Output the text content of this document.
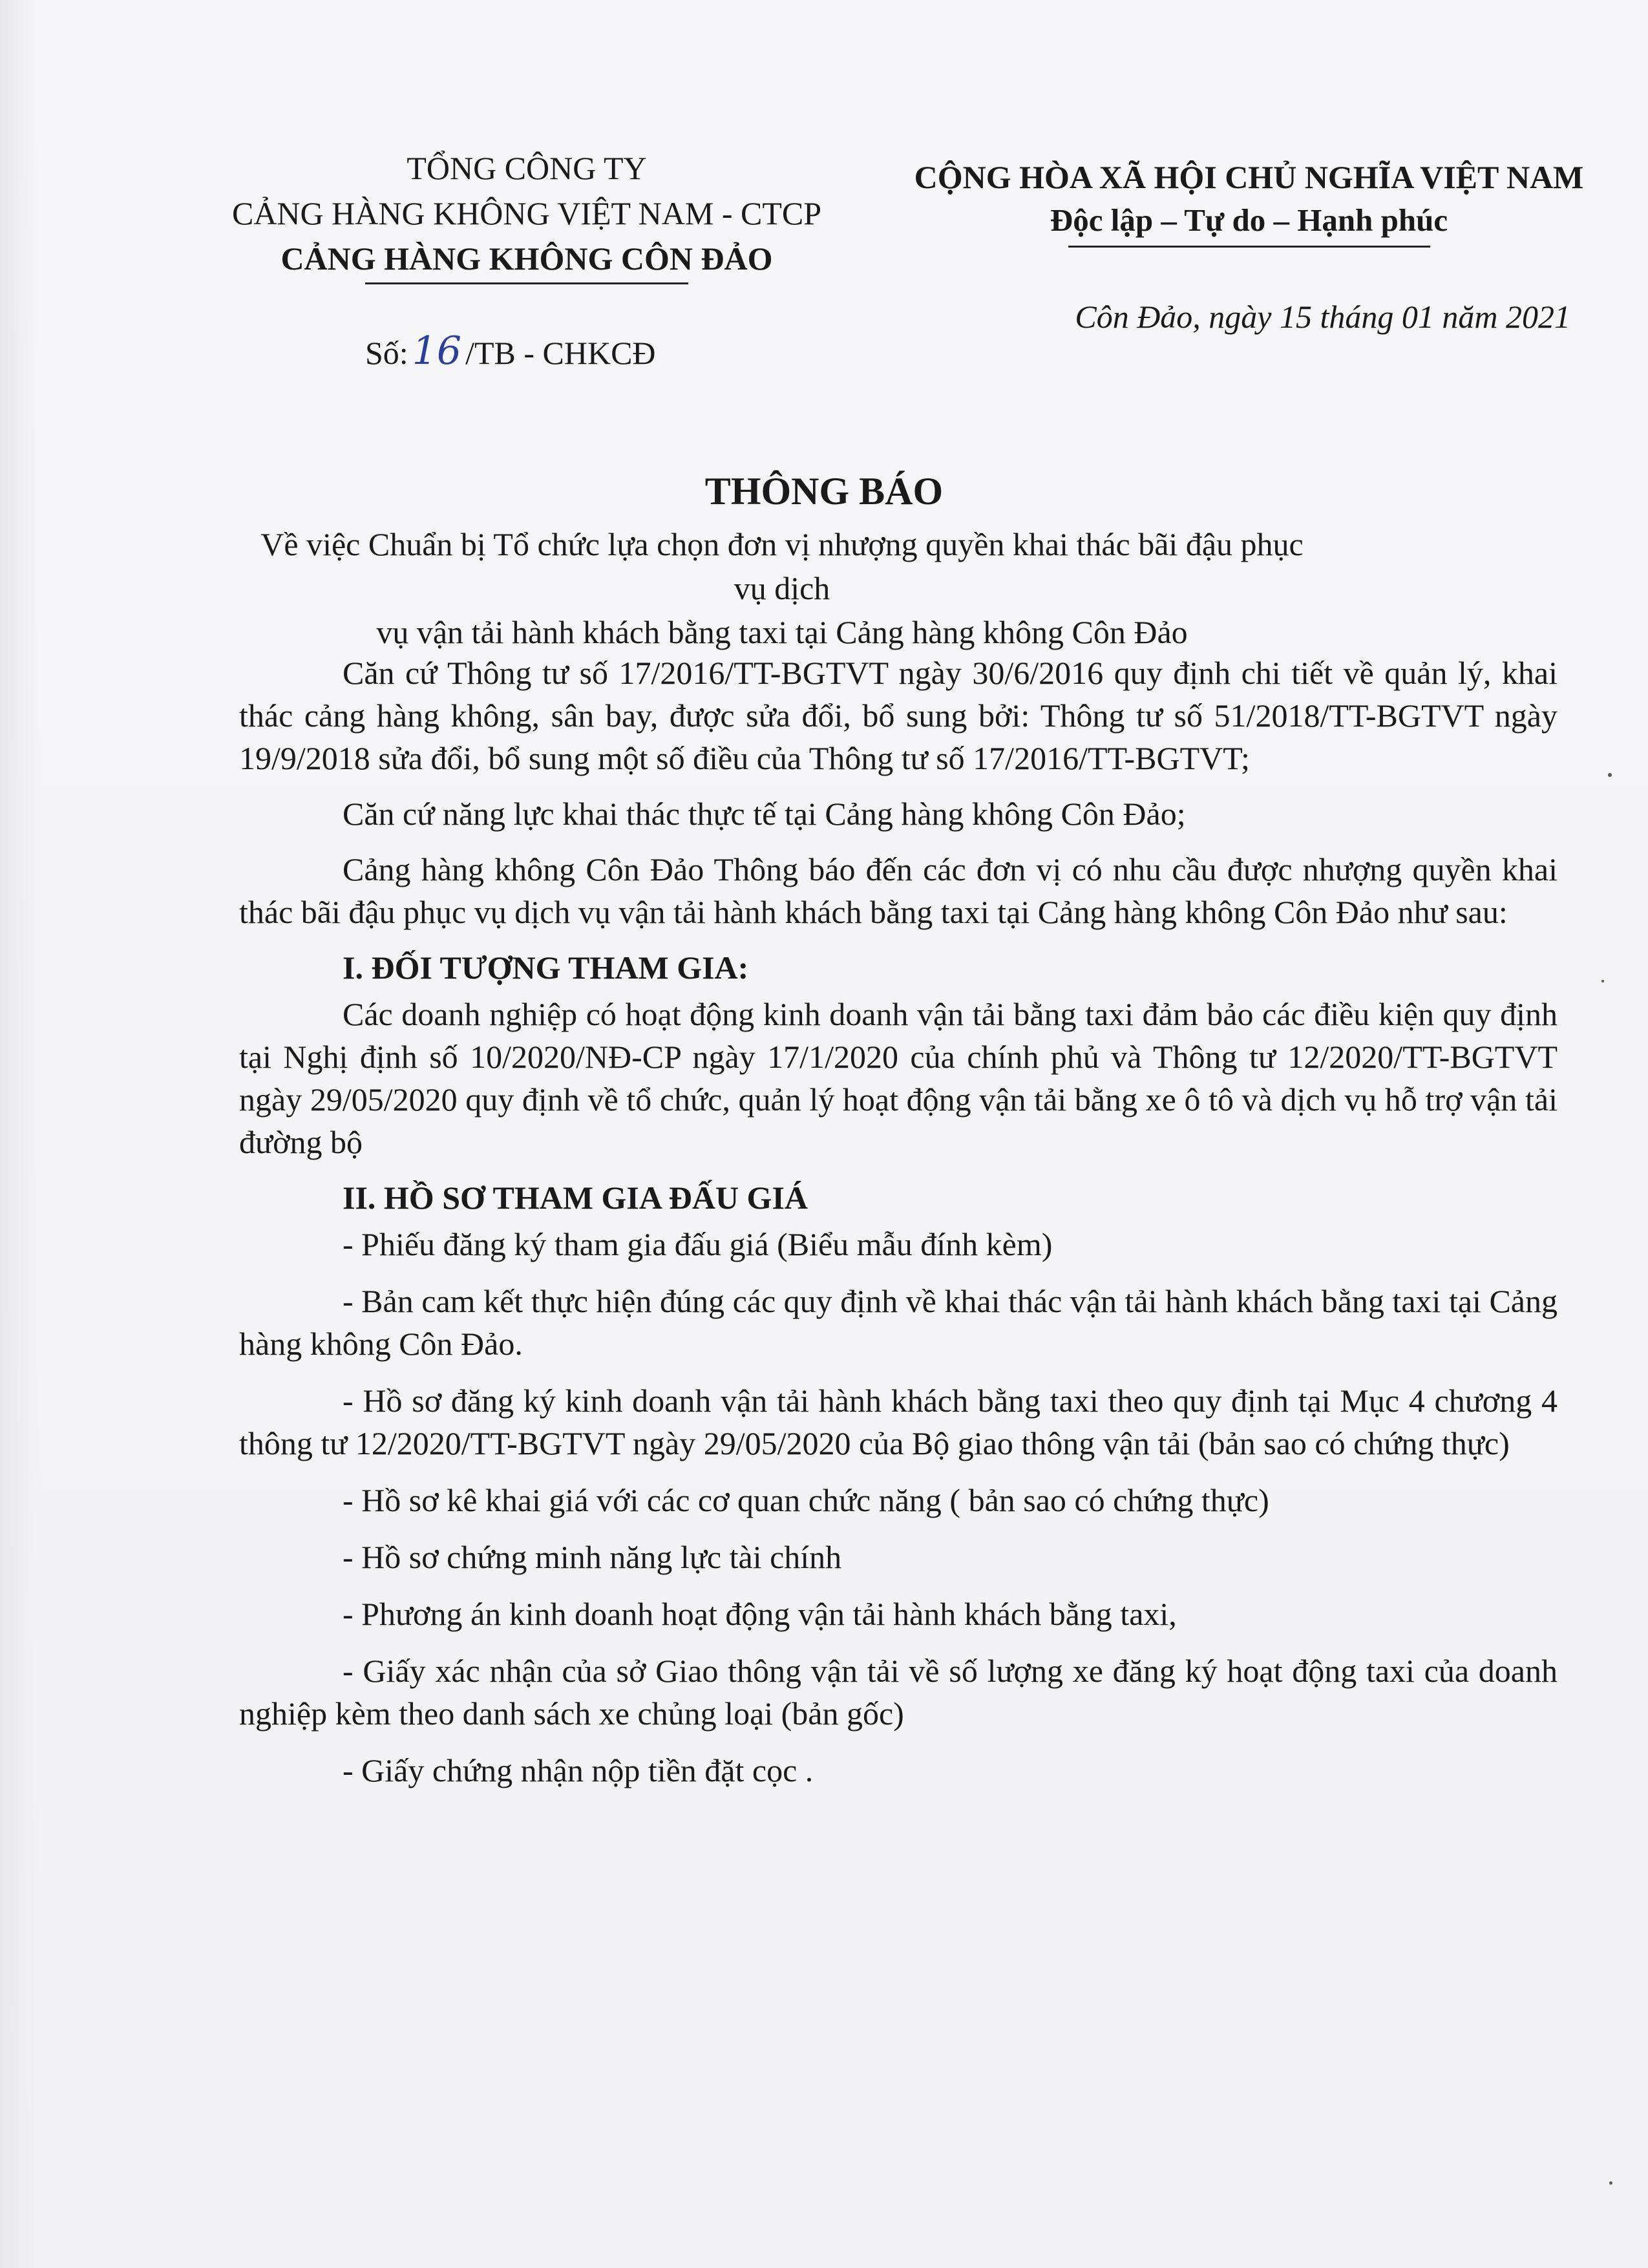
TỔNG CÔNG TY
CẢNG HÀNG KHÔNG VIỆT NAM - CTCP
CẢNG HÀNG KHÔNG CÔN ĐẢO
CỘNG HÒA XÃ HỘI CHỦ NGHĨA VIỆT NAM
Độc lập – Tự do – Hạnh phúc
Số: 16 /TB - CHKCĐ
Côn Đảo, ngày 15 tháng 01 năm 2021
THÔNG BÁO
Về việc Chuẩn bị Tổ chức lựa chọn đơn vị nhượng quyền khai thác bãi đậu phục vụ dịch
vụ vận tải hành khách bằng taxi tại Cảng hàng không Côn Đảo

Căn cứ Thông tư số 17/2016/TT-BGTVT ngày 30/6/2016 quy định chi tiết về quản lý, khai thác cảng hàng không, sân bay, được sửa đổi, bổ sung bởi: Thông tư số 51/2018/TT-BGTVT ngày 19/9/2018 sửa đổi, bổ sung một số điều của Thông tư số 17/2016/TT-BGTVT;

Căn cứ năng lực khai thác thực tế tại Cảng hàng không Côn Đảo;

Cảng hàng không Côn Đảo Thông báo đến các đơn vị có nhu cầu được nhượng quyền khai thác bãi đậu phục vụ dịch vụ vận tải hành khách bằng taxi tại Cảng hàng không Côn Đảo như sau:

I. ĐỐI TƯỢNG THAM GIA:

Các doanh nghiệp có hoạt động kinh doanh vận tải bằng taxi đảm bảo các điều kiện quy định tại Nghị định số 10/2020/NĐ-CP ngày 17/1/2020 của chính phủ và Thông tư 12/2020/TT-BGTVT ngày 29/05/2020 quy định về tổ chức, quản lý hoạt động vận tải bằng xe ô tô và dịch vụ hỗ trợ vận tải đường bộ

II. HỒ SƠ THAM GIA ĐẤU GIÁ

- Phiếu đăng ký tham gia đấu giá (Biểu mẫu đính kèm)

- Bản cam kết thực hiện đúng các quy định về khai thác vận tải hành khách bằng taxi tại Cảng hàng không Côn Đảo.

- Hồ sơ đăng ký kinh doanh vận tải hành khách bằng taxi theo quy định tại Mục 4 chương 4 thông tư 12/2020/TT-BGTVT ngày 29/05/2020 của Bộ giao thông vận tải (bản sao có chứng thực)

- Hồ sơ kê khai giá với các cơ quan chức năng ( bản sao có chứng thực)

- Hồ sơ chứng minh năng lực tài chính

- Phương án kinh doanh hoạt động vận tải hành khách bằng taxi,

- Giấy xác nhận của sở Giao thông vận tải về số lượng xe đăng ký hoạt động taxi của doanh nghiệp kèm theo danh sách xe chủng loại (bản gốc)

- Giấy chứng nhận nộp tiền đặt cọc .
